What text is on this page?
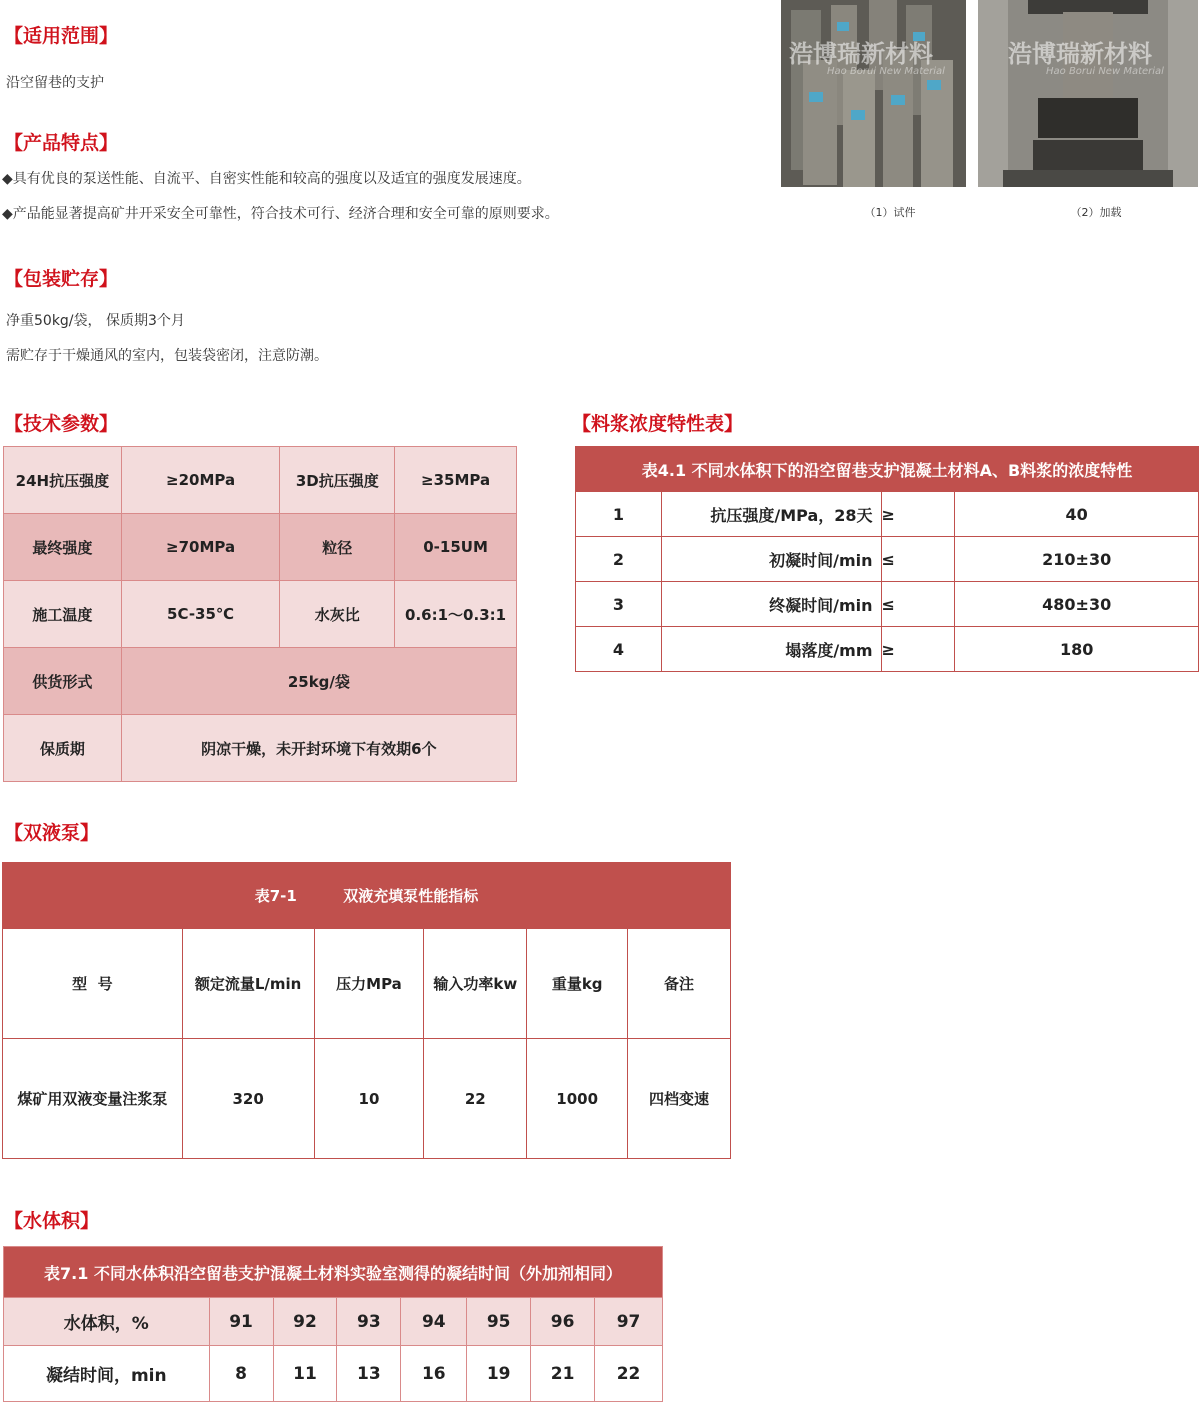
【适用范围】
沿空留巷的支护
【产品特点】
◆具有优良的泵送性能、自流平、自密实性能和较高的强度以及适宜的强度发展速度。
◆产品能显著提高矿井开采安全可靠性，符合技术可行、经济合理和安全可靠的原则要求。
浩博瑞新材料
Hao Borui New Material
浩博瑞新材料
Hao Borui New Material
（1）试件	（2）加载
【包装贮存】
净重50kg/袋， 保质期3个月
需贮存于干燥通风的室内，包装袋密闭，注意防潮。
【技术参数】
24H抗压强度	≥20MPa	3D抗压强度	≥35MPa
最终强度	≥70MPa	粒径	0-15UM
施工温度	5C-35℃	水灰比	0.6:1～0.3:1
供货形式	25kg/袋		
保质期	阴凉干燥，未开封环境下有效期6个		
【料浆浓度特性表】
表4.1 不同水体积下的沿空留巷支护混凝土材料A、B料浆的浓度特性			
1	抗压强度/MPa，28天	≥	40
2	初凝时间/min	≤	210±30
3	终凝时间/min	≤	480±30
4	塌落度/mm	≥	180
【双液泵】
表7-1 双液充填泵性能指标					
型  号	额定流量L/min	压力MPa	输入功率kw	重量kg	备注
煤矿用双液变量注浆泵	320	10	22	1000	四档变速
【水体积】
表7.1 不同水体积沿空留巷支护混凝土材料实验室测得的凝结时间（外加剂相同）							
水体积，%	91	92	93	94	95	96	97
凝结时间，min	8	11	13	16	19	21	22
